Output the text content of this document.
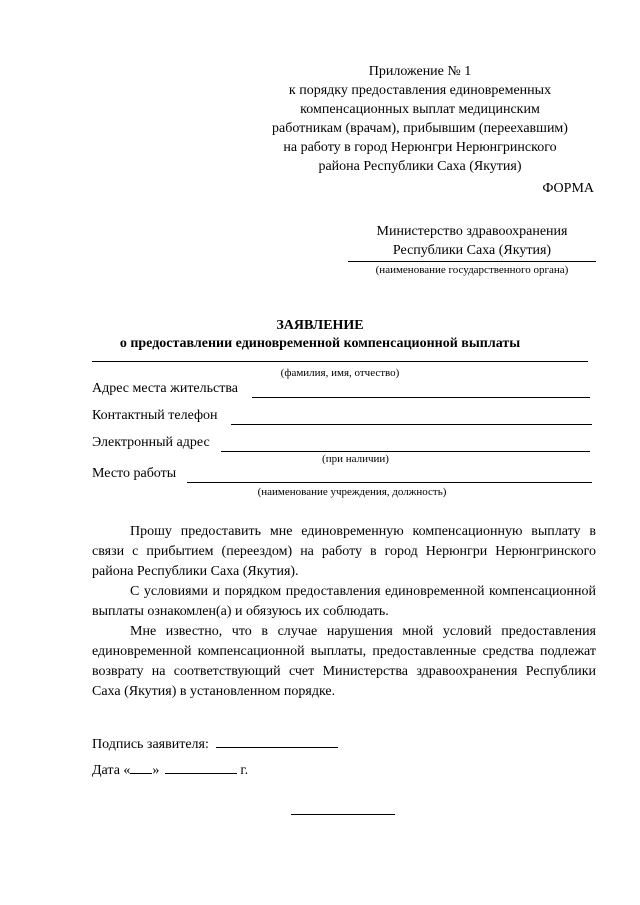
Приложение № 1
к порядку предоставления единовременных
компенсационных выплат медицинским
работникам (врачам), прибывшим (переехавшим)
на работу в город Нерюнгри Нерюнгринского
района Республики Саха (Якутия)
ФОРМА
Министерство здравоохранения
Республики Саха (Якутия)
(наименование государственного органа)
ЗАЯВЛЕНИЕ
о предоставлении единовременной компенсационной выплаты
(фамилия, имя, отчество)
Адрес места жительства
Контактный телефон
Электронный адрес
(при наличии)
Место работы
(наименование учреждения, должность)

Прошу предоставить мне единовременную компенсационную выплату в связи с прибытием (переездом) на работу в город Нерюнгри Нерюнгринского района Республики Саха (Якутия).

С условиями и порядком предоставления единовременной компенсационной выплаты ознакомлен(а) и обязуюсь их соблюдать.

Мне известно, что в случае нарушения мной условий предоставления единовременной компенсационной выплаты, предоставленные средства подлежат возврату на соответствующий счет Министерства здравоохранения Республики Саха (Якутия) в установленном порядке.

Подпись заявителя:
Дата « »	г.
